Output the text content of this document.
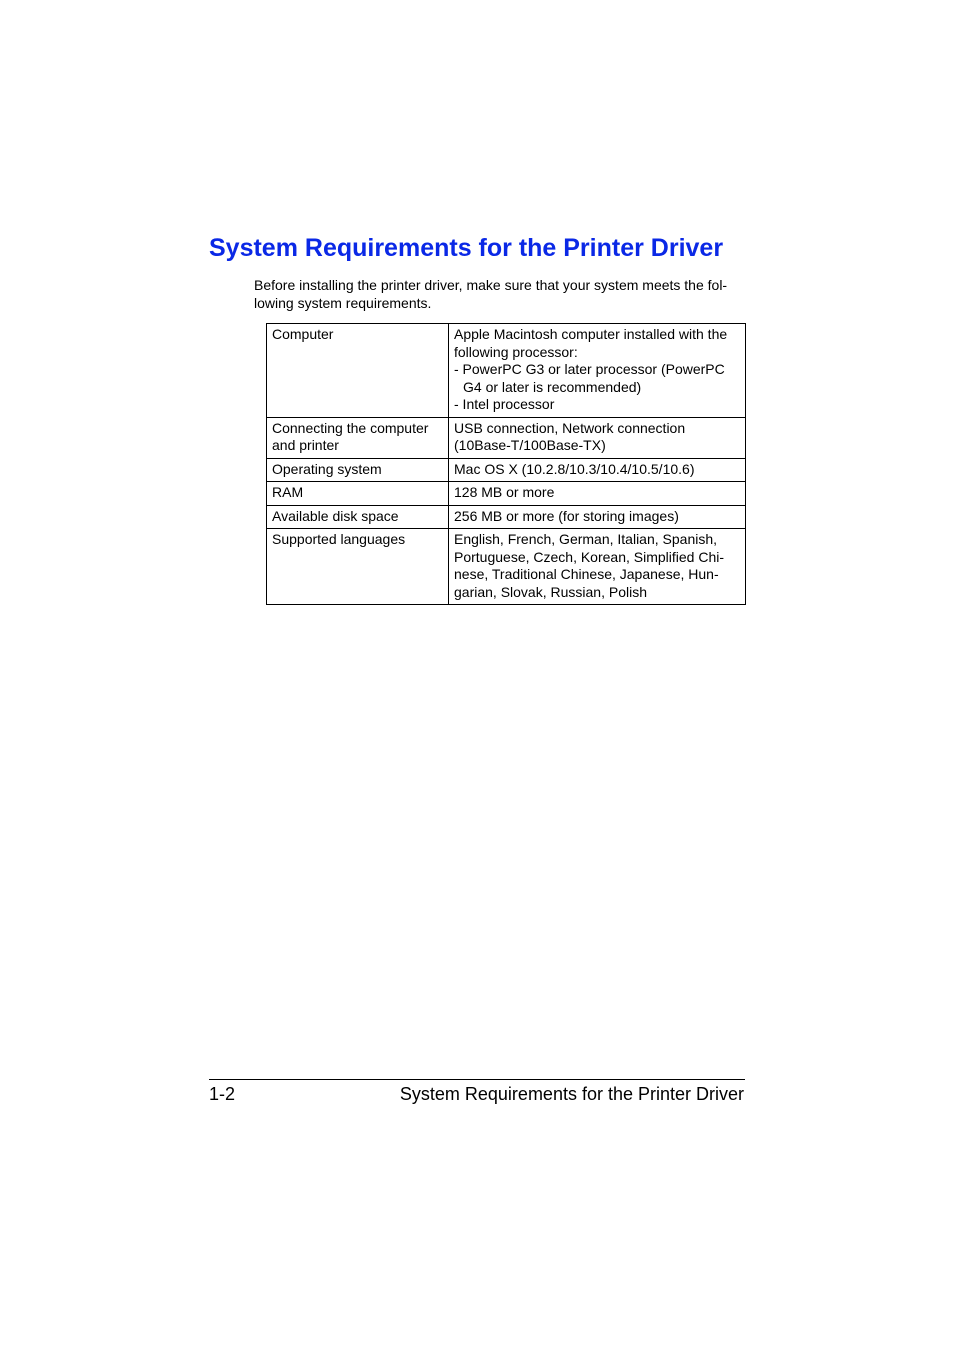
System Requirements for the Printer Driver

Before installing the printer driver, make sure that your system meets the fol-
lowing system requirements.

Computer	Apple Macintosh computer installed with the
following processor:
- PowerPC G3 or later processor (PowerPC
G4 or later is recommended)
- Intel processor

Connecting the computer
and printer	USB connection, Network connection
(10Base-T/100Base-TX)

Operating system	Mac OS X (10.2.8/10.3/10.4/10.5/10.6)

RAM	128 MB or more

Available disk space	256 MB or more (for storing images)

Supported languages	English, French, German, Italian, Spanish,
Portuguese, Czech, Korean, Simplified Chi-
nese, Traditional Chinese, Japanese, Hun-
garian, Slovak, Russian, Polish
1-2	System Requirements for the Printer Driver
